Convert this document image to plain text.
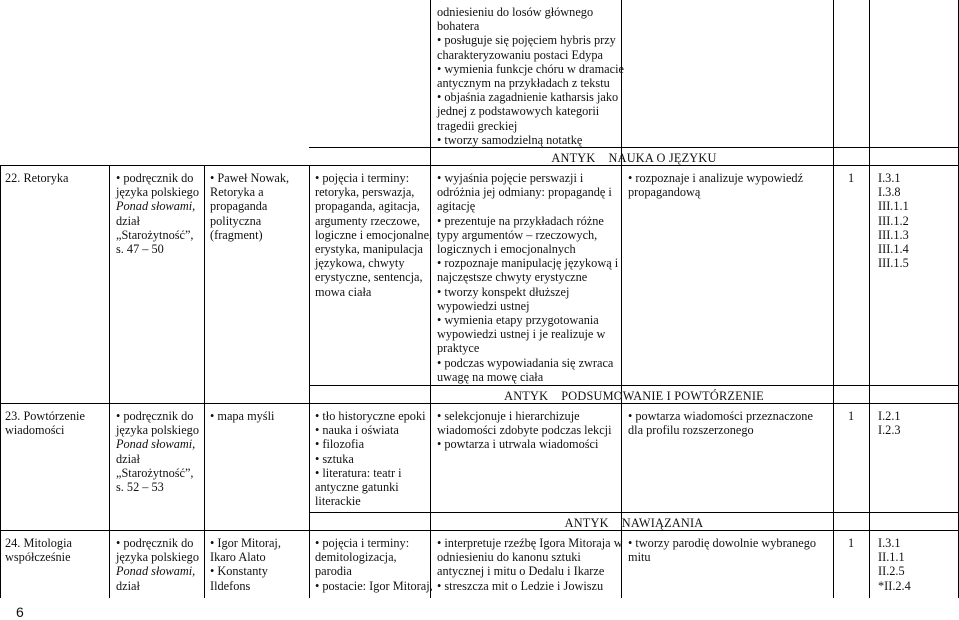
odniesieniu do losów głównego
bohatera
• posługuje się pojęciem hybris przy
charakteryzowaniu postaci Edypa
• wymienia funkcje chóru w dramacie
antycznym na przykładach z tekstu
• objaśnia zagadnienie katharsis jako
jednej z podstawowych kategorii
tragedii greckiej
• tworzy samodzielną notatkę
ANTYK    NAUKA O JĘZYKU
ANTYK    PODSUMOWANIE I POWTÓRZENIE
ANTYK    NAWIĄZANIA
22. Retoryka	• podręcznik do
języka polskiego
Ponad słowami,
dział
„Starożytność”,
s. 47 – 50
• Paweł Nowak,
Retoryka a
propaganda
polityczna
(fragment)
• pojęcia i terminy:
retoryka, perswazja,
propaganda, agitacja,
argumenty rzeczowe,
logiczne i emocjonalne,
erystyka, manipulacja
językowa, chwyty
erystyczne, sentencja,
mowa ciała
• wyjaśnia pojęcie perswazji i
odróżnia jej odmiany: propagandę i
agitację
• prezentuje na przykładach różne
typy argumentów – rzeczowych,
logicznych i emocjonalnych
• rozpoznaje manipulację językową i
najczęstsze chwyty erystyczne
• tworzy konspekt dłuższej
wypowiedzi ustnej
• wymienia etapy przygotowania
wypowiedzi ustnej i je realizuje w
praktyce
• podczas wypowiadania się zwraca
uwagę na mowę ciała
• rozpoznaje i analizuje wypowiedź
propagandową
1 I.3.1
I.3.8
III.1.1
III.1.2
III.1.3
III.1.4
III.1.5
23. Powtórzenie
wiadomości
• podręcznik do
języka polskiego
Ponad słowami,
dział
„Starożytność”,
s. 52 – 53
• mapa myśli	• tło historyczne epoki
• nauka i oświata
• filozofia
• sztuka
• literatura: teatr i
antyczne gatunki
literackie
• selekcjonuje i hierarchizuje
wiadomości zdobyte podczas lekcji
• powtarza i utrwala wiadomości
• powtarza wiadomości przeznaczone
dla profilu rozszerzonego
1 I.2.1
I.2.3
24. Mitologia
współcześnie
• podręcznik do
języka polskiego
Ponad słowami,
dział
• Igor Mitoraj,
Ikaro Alato
• Konstanty
Ildefons
• pojęcia i terminy:
demitologizacja,
parodia
• postacie: Igor Mitoraj,
• interpretuje rzeźbę Igora Mitoraja w
odniesieniu do kanonu sztuki
antycznej i mitu o Dedalu i Ikarze
• streszcza mit o Ledzie i Jowiszu
• tworzy parodię dowolnie wybranego
mitu
1 I.3.1
II.1.1
II.2.5
*II.2.4
6
